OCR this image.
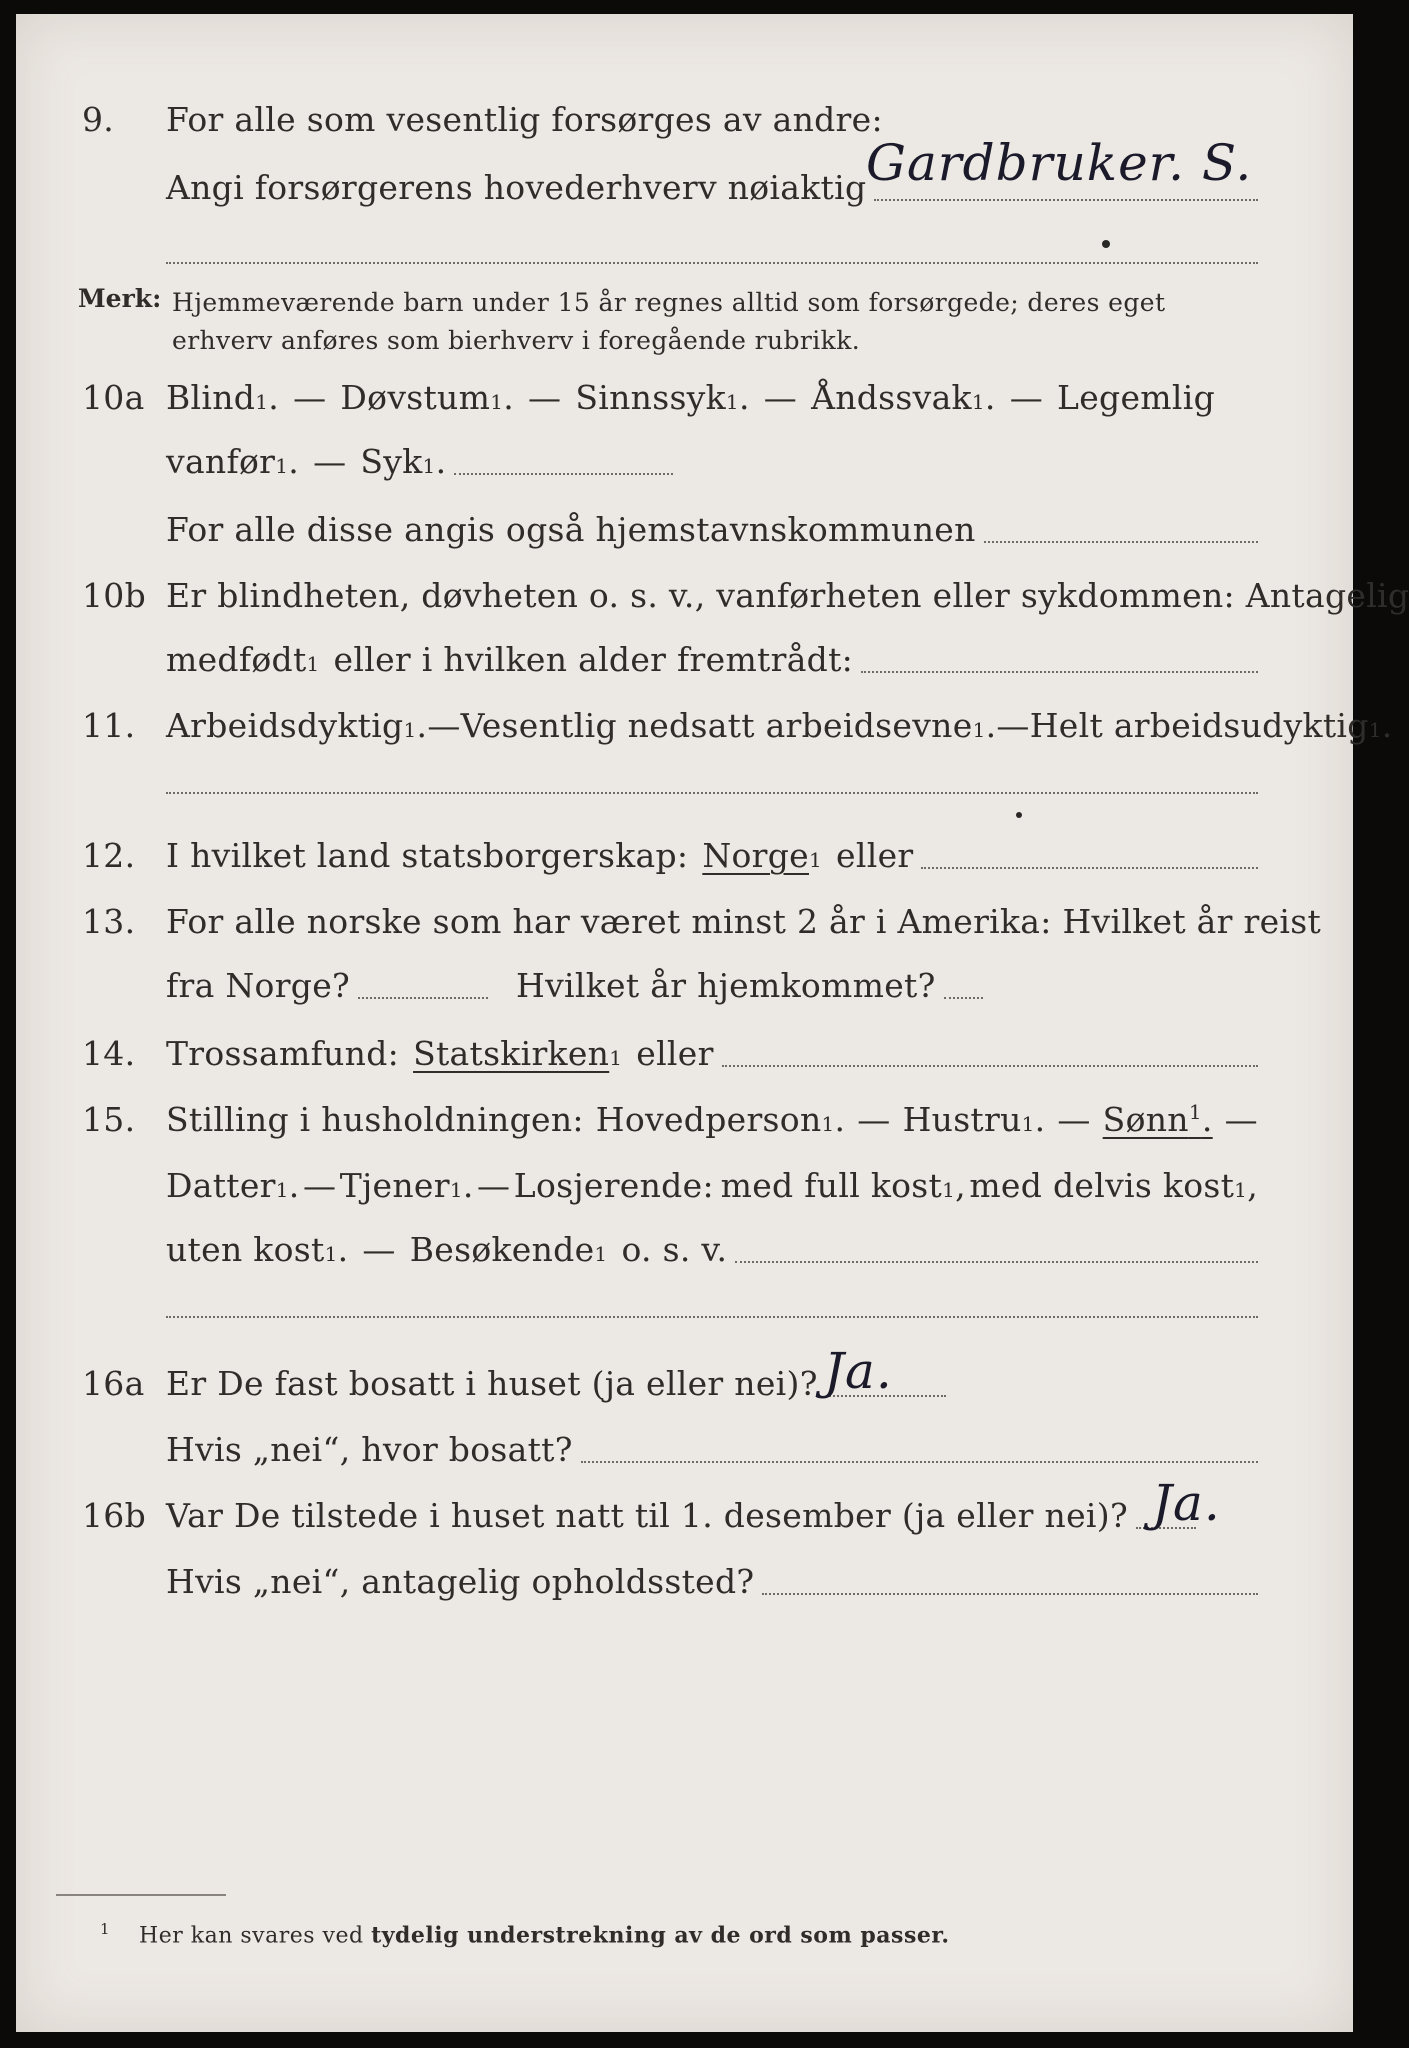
9. For alle som vesentlig forsørges av andre:
Angi forsørgerens hovederhverv nøiaktig Gardbruker. S.
Merk: Hjemmeværende barn under 15 år regnes alltid som forsørgede; deres eget erhverv anføres som bierhverv i foregående rubrikk.
10a Blind 1 . — Døvstum 1 . — Sinnssyk 1 . — Åndssvak 1 . — Legemlig
vanfør 1 . — Syk 1 .
For alle disse angis også hjemstavnskommunen
10b Er blindheten, døvheten o. s. v., vanførheten eller sykdommen: Antagelig
medfødt 1 eller i hvilken alder fremtrådt:
11. Arbeidsdyktig 1 . — Vesentlig nedsatt arbeidsevne 1 . — Helt arbeidsudyktig 1 .
12. I hvilket land statsborgerskap: Norge 1 eller
13. For alle norske som har været minst 2 år i Amerika: Hvilket år reist
fra Norge?	Hvilket år hjemkommet?
14. Trossamfund: Statskirken 1 eller
15. Stilling i husholdningen: Hovedperson 1 . — Hustru 1 . — Sønn$^1$. —
Datter 1 . — Tjener 1 . — Losjerende: med full kost 1 , med delvis kost 1 ,
uten kost 1 . — Besøkende 1 o. s. v.
16a Er De fast bosatt i huset (ja eller nei)? Ja.
Hvis „nei“, hvor bosatt?
16b Var De tilstede i huset natt til 1. desember (ja eller nei)? Ja.
Hvis „nei“, antagelig opholdssted?
$^1$ Her kan svares ved tydelig understrekning av de ord som passer.
